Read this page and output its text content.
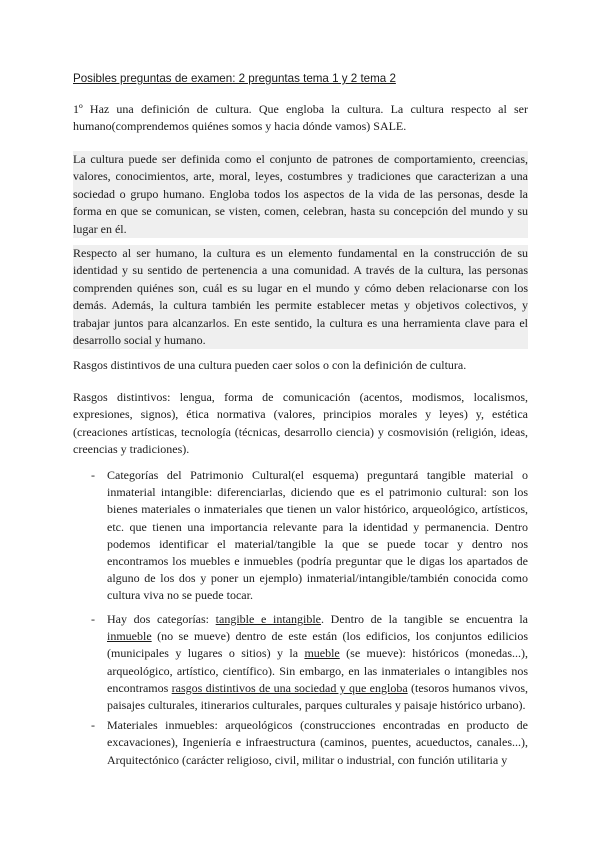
Posibles preguntas de examen: 2 preguntas tema 1 y 2 tema 2

1º Haz una definición de cultura. Que engloba la cultura. La cultura respecto al ser humano(comprendemos quiénes somos y hacia dónde vamos) SALE.

La cultura puede ser definida como el conjunto de patrones de comportamiento, creencias, valores, conocimientos, arte, moral, leyes, costumbres y tradiciones que caracterizan a una sociedad o grupo humano. Engloba todos los aspectos de la vida de las personas, desde la forma en que se comunican, se visten, comen, celebran, hasta su concepción del mundo y su lugar en él.

Respecto al ser humano, la cultura es un elemento fundamental en la construcción de su identidad y su sentido de pertenencia a una comunidad. A través de la cultura, las personas comprenden quiénes son, cuál es su lugar en el mundo y cómo deben relacionarse con los demás. Además, la cultura también les permite establecer metas y objetivos colectivos, y trabajar juntos para alcanzarlos. En este sentido, la cultura es una herramienta clave para el desarrollo social y humano.

Rasgos distintivos de una cultura pueden caer solos o con la definición de cultura.

Rasgos distintivos: lengua, forma de comunicación (acentos, modismos, localismos, expresiones, signos), ética normativa (valores, principios morales y leyes) y, estética (creaciones artísticas, tecnología (técnicas, desarrollo ciencia) y cosmovisión (religión, ideas, creencias y tradiciones).

- Categorías del Patrimonio Cultural(el esquema) preguntará tangible material o inmaterial intangible: diferenciarlas, diciendo que es el patrimonio cultural: son los bienes materiales o inmateriales que tienen un valor histórico, arqueológico, artísticos, etc. que tienen una importancia relevante para la identidad y permanencia. Dentro podemos identificar el material/tangible la que se puede tocar y dentro nos encontramos los muebles e inmuebles (podría preguntar que le digas los apartados de alguno de los dos y poner un ejemplo) inmaterial/intangible/también conocida como cultura viva no se puede tocar.
- Hay dos categorías: tangible e intangible. Dentro de la tangible se encuentra la inmueble (no se mueve) dentro de este están (los edificios, los conjuntos edilicios (municipales y lugares o sitios) y la mueble (se mueve): históricos (monedas...), arqueológico, artístico, científico). Sin embargo, en las inmateriales o intangibles nos encontramos rasgos distintivos de una sociedad y que engloba (tesoros humanos vivos, paisajes culturales, itinerarios culturales, parques culturales y paisaje histórico urbano).
- Materiales inmuebles: arqueológicos (construcciones encontradas en producto de excavaciones), Ingeniería e infraestructura (caminos, puentes, acueductos, canales...), Arquitectónico (carácter religioso, civil, militar o industrial, con función utilitaria y
